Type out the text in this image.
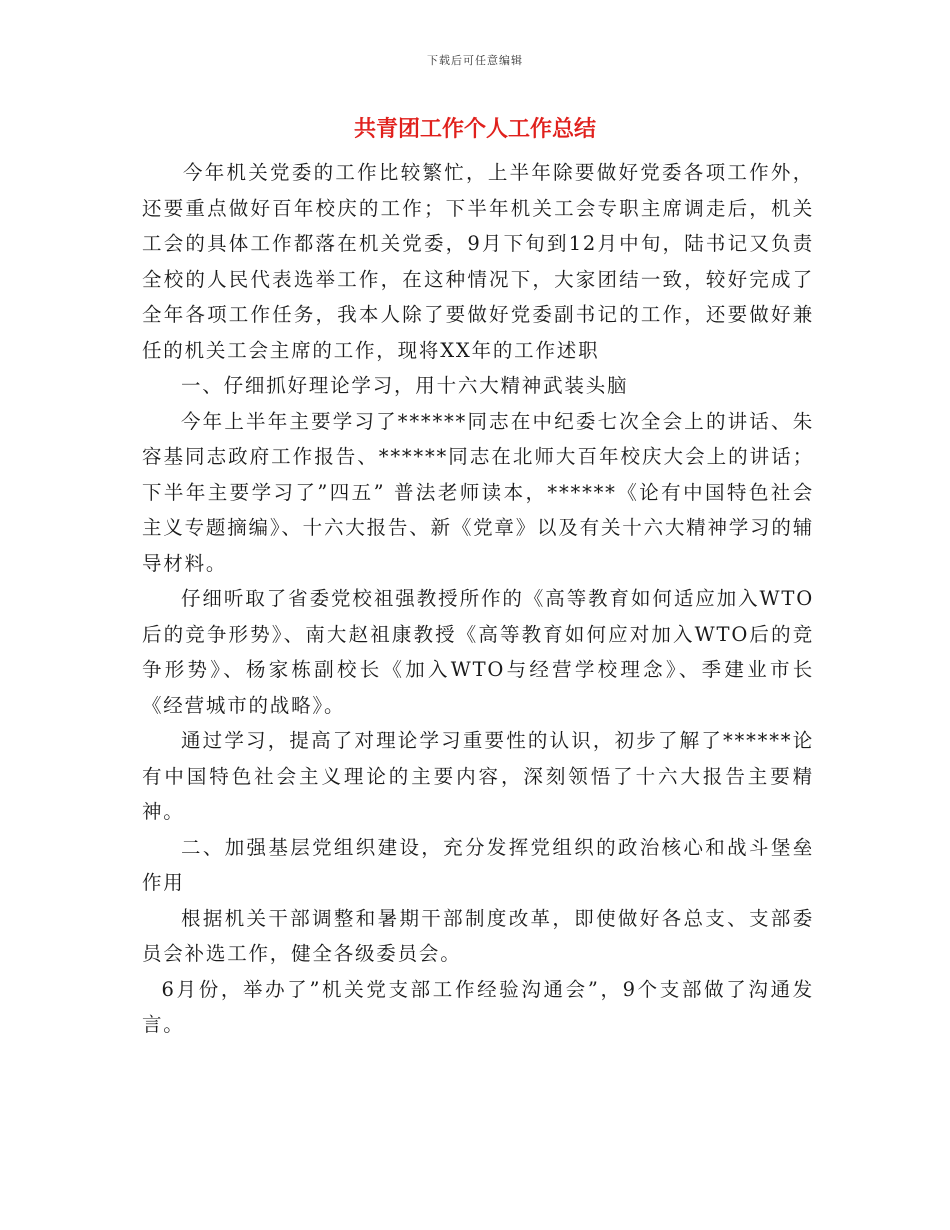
下载后可任意编辑
共青团工作个人工作总结

今年机关党委的工作比较繁忙，上半年除要做好党委各项工作外，还要重点做好百年校庆的工作；下半年机关工会专职主席调走后，机关工会的具体工作都落在机关党委，9月下旬到12月中旬，陆书记又负责全校的人民代表选举工作，在这种情况下，大家团结一致，较好完成了全年各项工作任务，我本人除了要做好党委副书记的工作，还要做好兼任的机关工会主席的工作，现将XX年的工作述职

一、仔细抓好理论学习，用十六大精神武装头脑

今年上半年主要学习了******同志在中纪委七次全会上的讲话、朱容基同志政府工作报告、******同志在北师大百年校庆大会上的讲话；下半年主要学习了”四五” 普法老师读本，******《论有中国特色社会主义专题摘编》、十六大报告、新《党章》以及有关十六大精神学习的辅导材料。

仔细听取了省委党校祖强教授所作的《高等教育如何适应加入WTO后的竞争形势》、南大赵祖康教授《高等教育如何应对加入WTO后的竞争形势》、杨家栋副校长《加入WTO与经营学校理念》、季建业市长《经营城市的战略》。

通过学习，提高了对理论学习重要性的认识，初步了解了******论有中国特色社会主义理论的主要内容，深刻领悟了十六大报告主要精神。

二、加强基层党组织建设，充分发挥党组织的政治核心和战斗堡垒作用

根据机关干部调整和暑期干部制度改革，即使做好各总支、支部委员会补选工作，健全各级委员会。

6月份，举办了”机关党支部工作经验沟通会”，9个支部做了沟通发言。
